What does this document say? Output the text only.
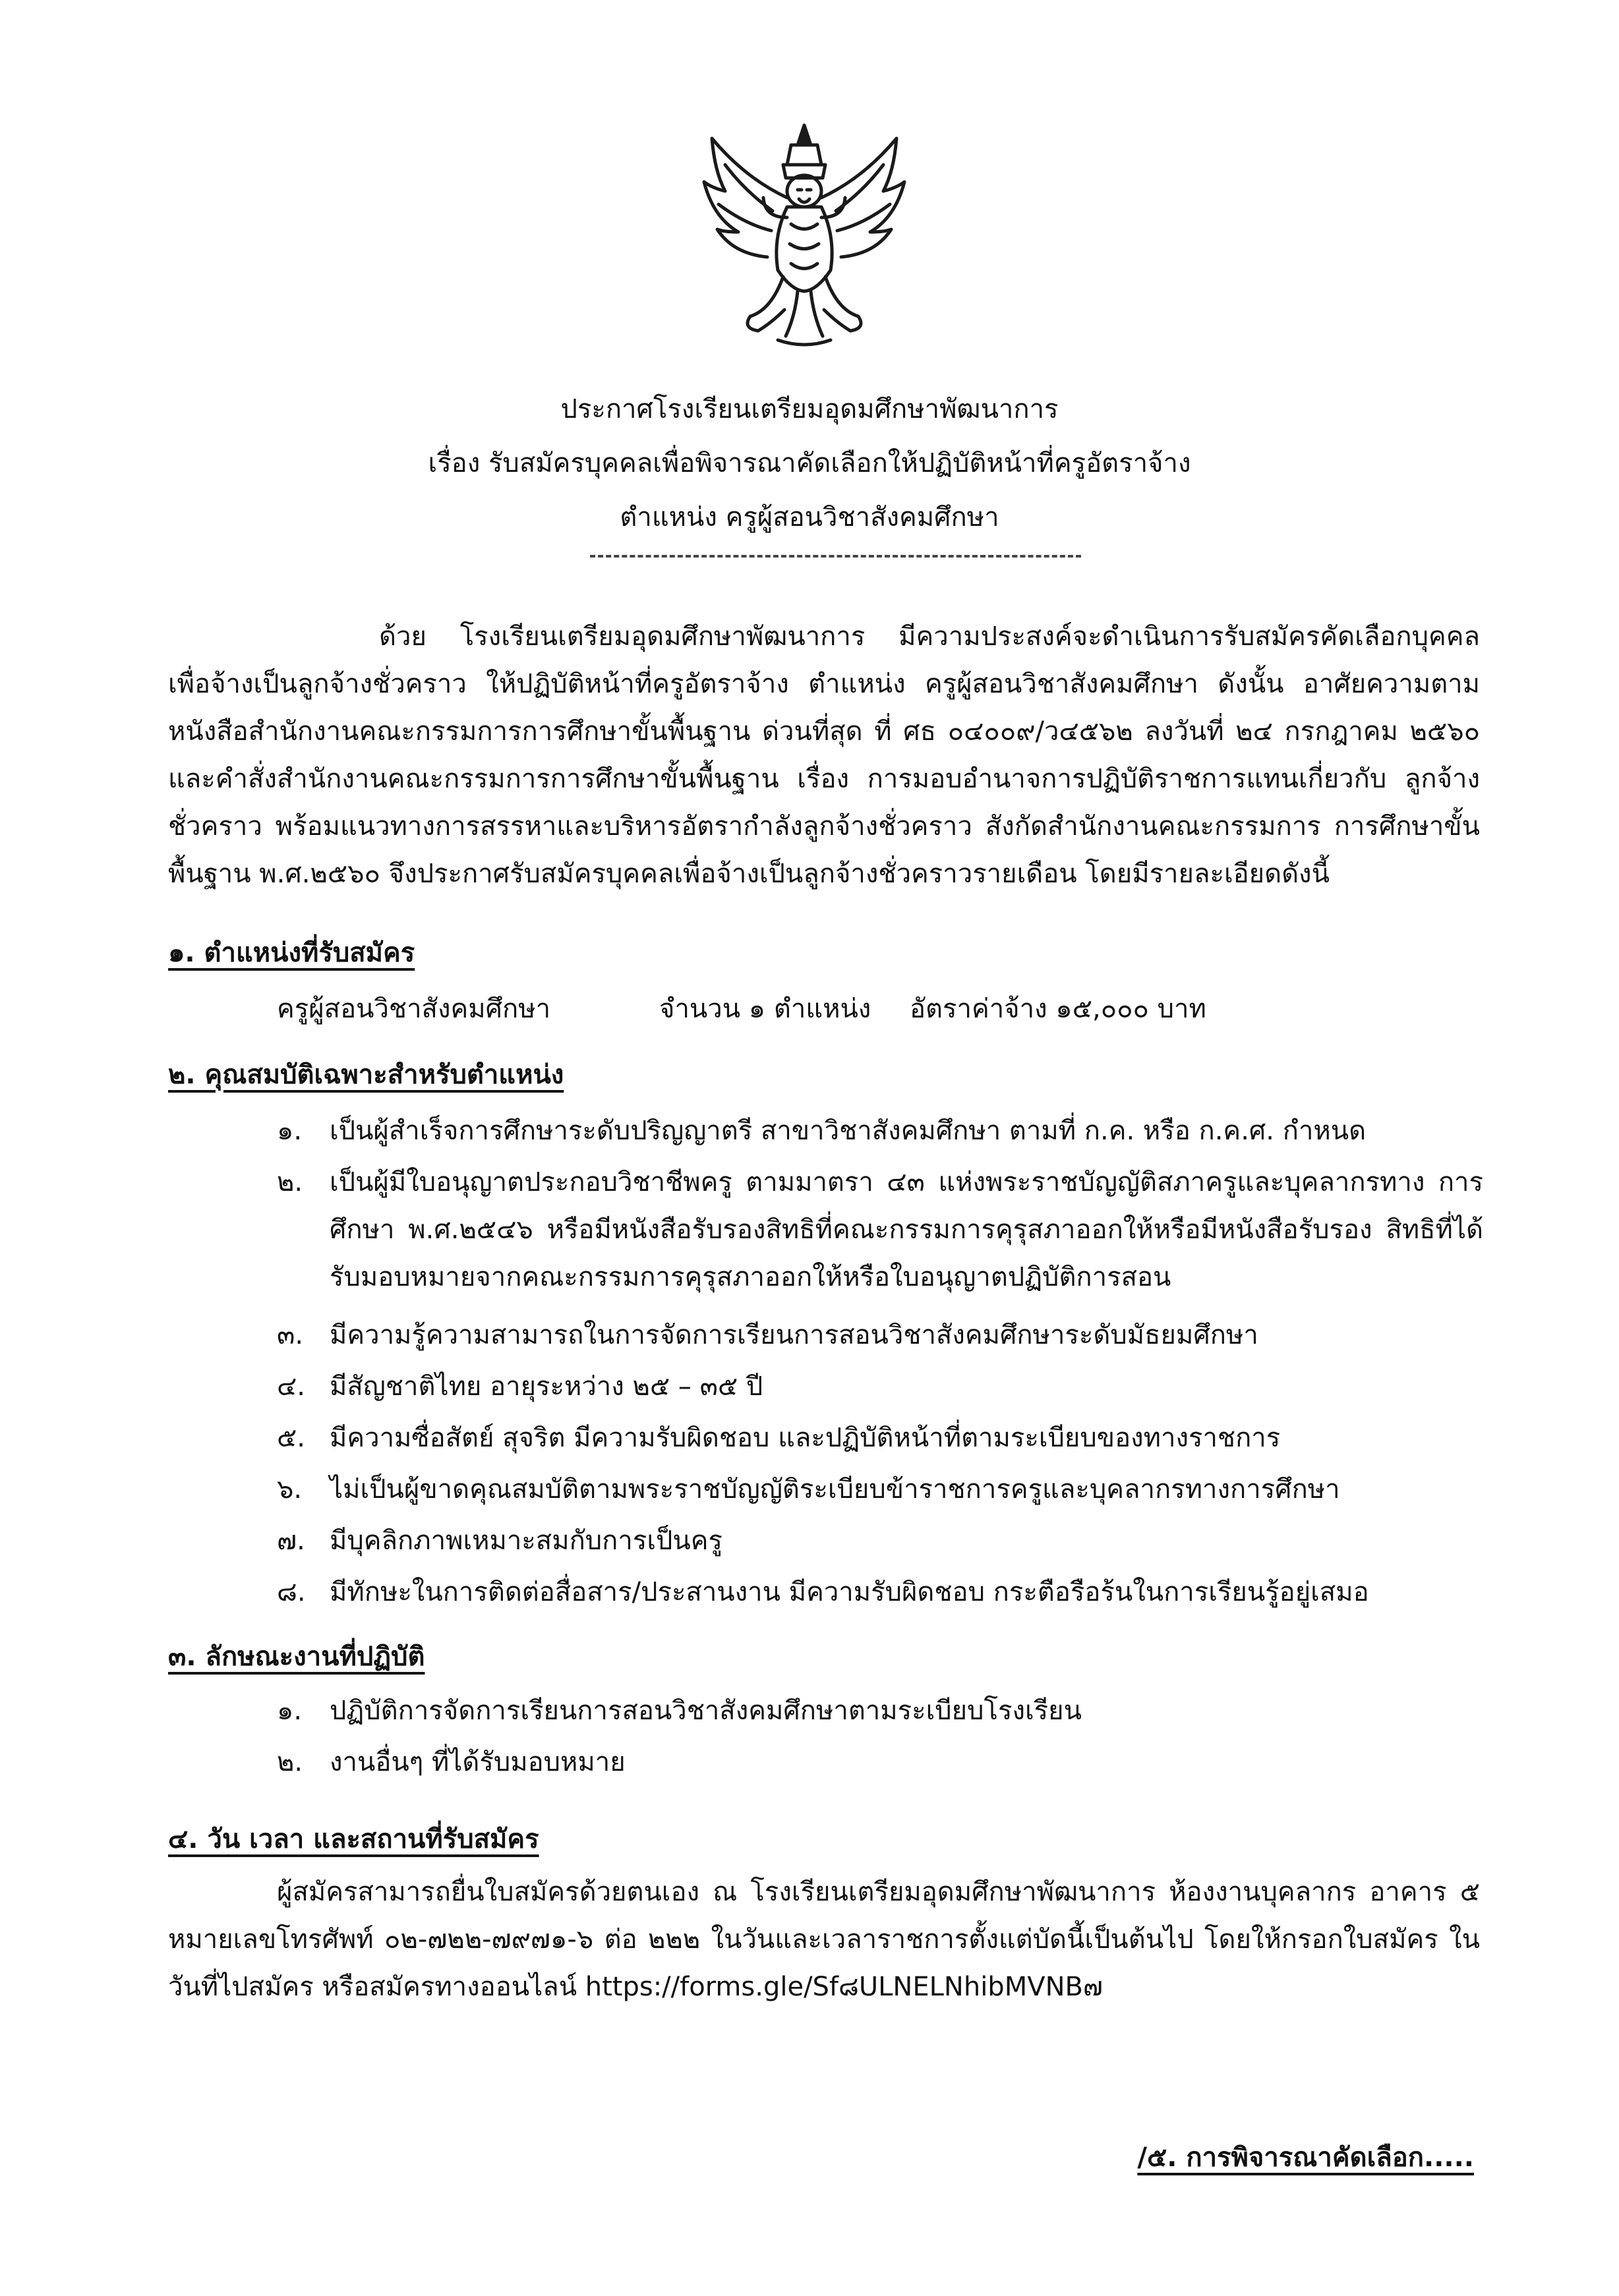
ประกาศโรงเรียนเตรียมอุดมศึกษาพัฒนาการ
เรื่อง รับสมัครบุคคลเพื่อพิจารณาคัดเลือกให้ปฏิบัติหน้าที่ครูอัตราจ้าง
ตำแหน่ง ครูผู้สอนวิชาสังคมศึกษา
ด้วย โรงเรียนเตรียมอุดมศึกษาพัฒนาการ มีความประสงค์จะดำเนินการรับสมัครคัดเลือกบุคคล เพื่อจ้างเป็นลูกจ้างชั่วคราว ให้ปฏิบัติหน้าที่ครูอัตราจ้าง ตำแหน่ง ครูผู้สอนวิชาสังคมศึกษา ดังนั้น อาศัยความตาม หนังสือสำนักงานคณะกรรมการการศึกษาขั้นพื้นฐาน ด่วนที่สุด ที่ ศธ ๐๔๐๐๙/ว๔๕๖๒ ลงวันที่ ๒๔ กรกฎาคม ๒๕๖๐ และคำสั่งสำนักงานคณะกรรมการการศึกษาขั้นพื้นฐาน เรื่อง การมอบอำนาจการปฏิบัติราชการแทนเกี่ยวกับ ลูกจ้างชั่วคราว พร้อมแนวทางการสรรหาและบริหารอัตรากำลังลูกจ้างชั่วคราว สังกัดสำนักงานคณะกรรมการ การศึกษาขั้นพื้นฐาน พ.ศ.๒๕๖๐ จึงประกาศรับสมัครบุคคลเพื่อจ้างเป็นลูกจ้างชั่วคราวรายเดือน โดยมีรายละเอียดดังนี้
๑. ตำแหน่งที่รับสมัคร
ครูผู้สอนวิชาสังคมศึกษา	จำนวน ๑ ตำแหน่ง อัตราค่าจ้าง ๑๕,๐๐๐ บาท
๒. คุณสมบัติเฉพาะสำหรับตำแหน่ง
๑.	เป็นผู้สำเร็จการศึกษาระดับปริญญาตรี สาขาวิชาสังคมศึกษา ตามที่ ก.ค. หรือ ก.ค.ศ. กำหนด
๒.	เป็นผู้มีใบอนุญาตประกอบวิชาชีพครู ตามมาตรา ๔๓ แห่งพระราชบัญญัติสภาครูและบุคลากรทาง การศึกษา พ.ศ.๒๕๔๖ หรือมีหนังสือรับรองสิทธิที่คณะกรรมการคุรุสภาออกให้หรือมีหนังสือรับรอง สิทธิที่ได้รับมอบหมายจากคณะกรรมการคุรุสภาออกให้หรือใบอนุญาตปฏิบัติการสอน
๓. มีความรู้ความสามารถในการจัดการเรียนการสอนวิชาสังคมศึกษาระดับมัธยมศึกษา
๔. มีสัญชาติไทย อายุระหว่าง ๒๕ – ๓๕ ปี
๕. มีความซื่อสัตย์ สุจริต มีความรับผิดชอบ และปฏิบัติหน้าที่ตามระเบียบของทางราชการ
๖.	ไม่เป็นผู้ขาดคุณสมบัติตามพระราชบัญญัติระเบียบข้าราชการครูและบุคลากรทางการศึกษา
๗. มีบุคลิกภาพเหมาะสมกับการเป็นครู
๘. มีทักษะในการติดต่อสื่อสาร/ประสานงาน มีความรับผิดชอบ กระตือรือร้นในการเรียนรู้อยู่เสมอ
๓. ลักษณะงานที่ปฏิบัติ
๑.	ปฏิบัติการจัดการเรียนการสอนวิชาสังคมศึกษาตามระเบียบโรงเรียน
๒.	งานอื่นๆ ที่ได้รับมอบหมาย
๔. วัน เวลา และสถานที่รับสมัคร
ผู้สมัครสามารถยื่นใบสมัครด้วยตนเอง ณ โรงเรียนเตรียมอุดมศึกษาพัฒนาการ ห้องงานบุคลากร อาคาร ๕ หมายเลขโทรศัพท์ ๐๒-๗๒๒-๗๙๗๑-๖ ต่อ ๒๒๒ ในวันและเวลาราชการตั้งแต่บัดนี้เป็นต้นไป โดยให้กรอกใบสมัคร ในวันที่ไปสมัคร หรือสมัครทางออนไลน์ https://forms.gle/Sf๘ULNELNhibMVNB๗
/๕. การพิจารณาคัดเลือก.....
